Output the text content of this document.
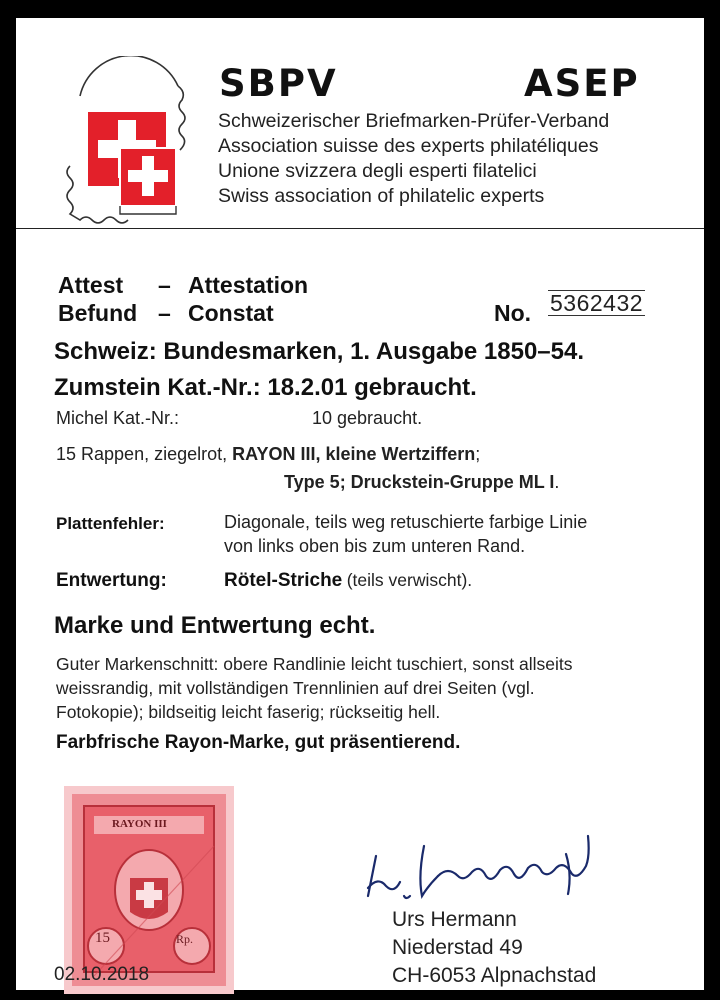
SBPV	ASEP
Schweizerischer Briefmarken-Prüfer-Verband
Association suisse des experts philatéliques
Unione svizzera degli esperti filatelici
Swiss association of philatelic experts
Attest – Attestation
Befund – Constat	No. 5362432
Schweiz: Bundesmarken, 1. Ausgabe 1850–54.
Zumstein Kat.-Nr.: 18.2.01 gebraucht.
Michel Kat.-Nr.:	10 gebraucht.
15 Rappen, ziegelrot, RAYON III, kleine Wertziffern;
Type 5; Druckstein-Gruppe ML I.
Plattenfehler:	Diagonale, teils weg retuschierte farbige Linie
von links oben bis zum unteren Rand.
Entwertung:	Rötel-Striche (teils verwischt).
Marke und Entwertung echt.
Guter Markenschnitt: obere Randlinie leicht tuschiert, sonst allseits
weissrandig, mit vollständigen Trennlinien auf drei Seiten (vgl.
Fotokopie); bildseitig leicht faserig; rückseitig hell.
Farbfrische Rayon-Marke, gut präsentierend.
RAYON III
15	Rp.
02.10.2018
Urs Hermann
Niederstad 49
CH-6053 Alpnachstad
